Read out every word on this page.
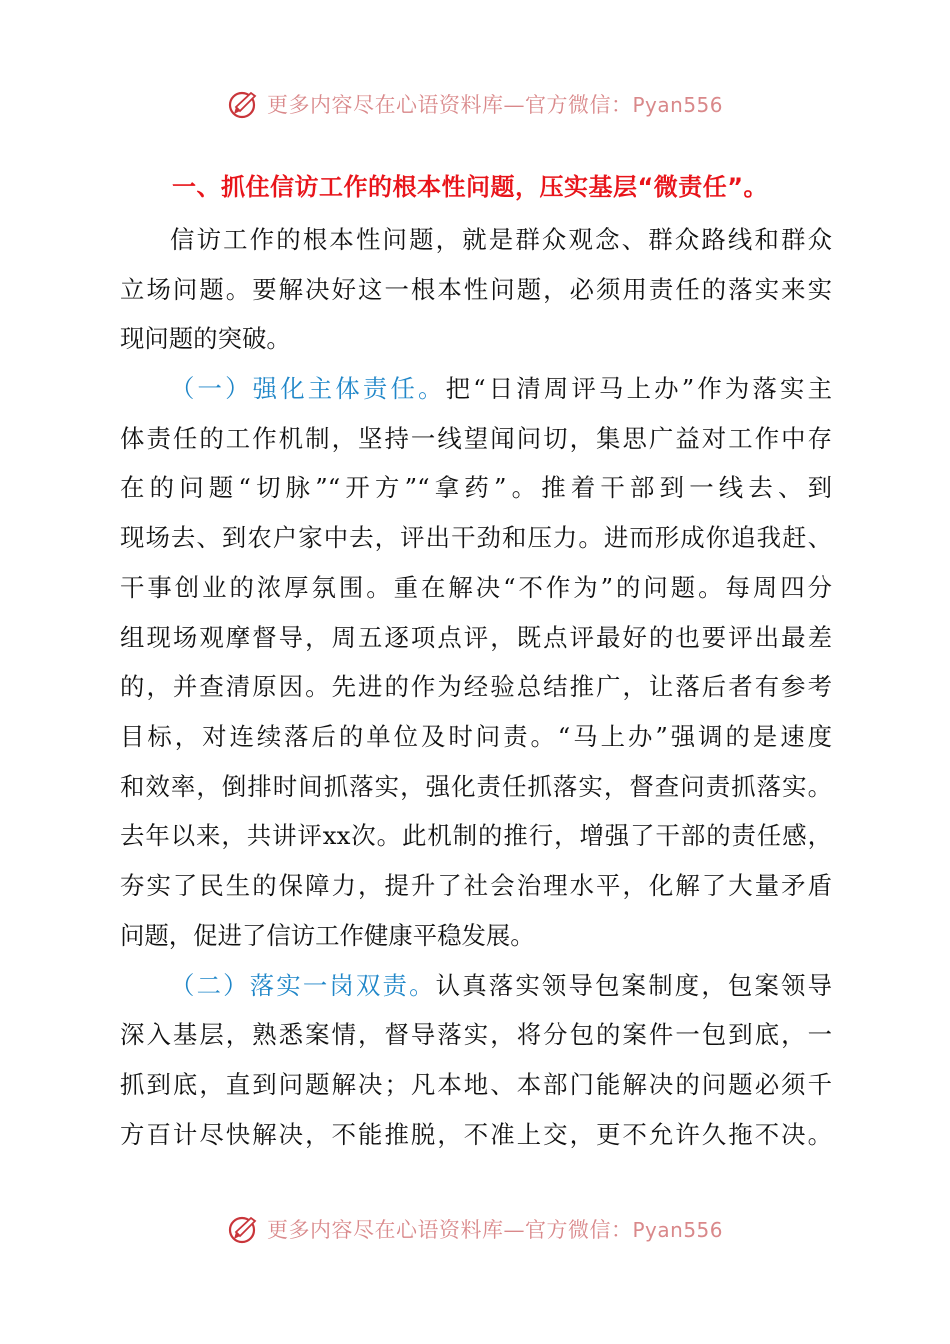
更多内容尽在心语资料库—官方微信：Pyan556
一、抓住信访工作的根本性问题，压实基层“微责任”。
信访工作的根本性问题，就是群众观念、群众路线和群众
立场问题。要解决好这一根本性问题，必须用责任的落实来实
现问题的突破。
（一）强化主体责任。把“日清周评马上办”作为落实主
体责任的工作机制，坚持一线望闻问切，集思广益对工作中存
在的问题“切脉”“开方”“拿药”。推着干部到一线去、到
现场去、到农户家中去，评出干劲和压力。进而形成你追我赶、
干事创业的浓厚氛围。重在解决“不作为”的问题。每周四分
组现场观摩督导，周五逐项点评，既点评最好的也要评出最差
的，并查清原因。先进的作为经验总结推广，让落后者有参考
目标，对连续落后的单位及时问责。“马上办”强调的是速度
和效率，倒排时间抓落实，强化责任抓落实，督查问责抓落实。
去年以来，共讲评xx次。此机制的推行，增强了干部的责任感，
夯实了民生的保障力，提升了社会治理水平，化解了大量矛盾
问题，促进了信访工作健康平稳发展。
（二）落实一岗双责。认真落实领导包案制度，包案领导
深入基层，熟悉案情，督导落实，将分包的案件一包到底，一
抓到底，直到问题解决；凡本地、本部门能解决的问题必须千
方百计尽快解决，不能推脱，不准上交，更不允许久拖不决。
更多内容尽在心语资料库—官方微信：Pyan556
